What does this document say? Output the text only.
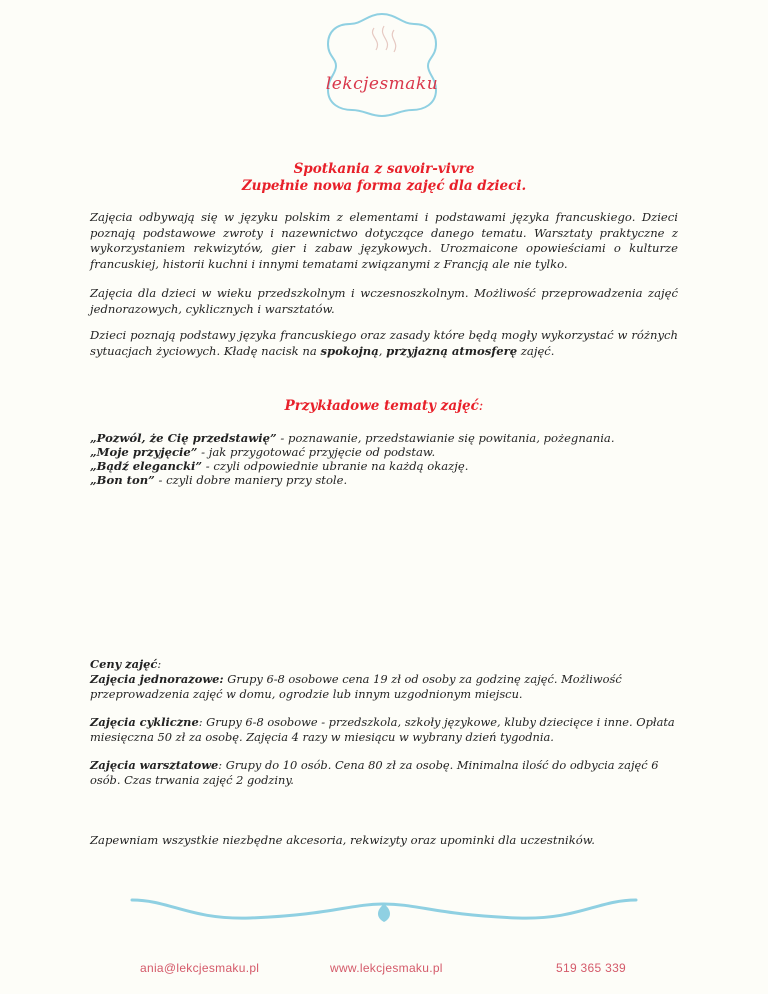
lekcjesmaku
Spotkania z savoir-vivre
Zupełnie nowa forma zajęć dla dzieci.
Zajęcia odbywają się w języku polskim z elementami i podstawami języka francuskiego. Dzieci poznają podstawowe zwroty i nazewnictwo dotyczące danego tematu. Warsztaty praktyczne z wykorzystaniem rekwizytów, gier i zabaw językowych. Urozmaicone opowieściami o kulturze francuskiej, historii kuchni i innymi tematami związanymi z Francją ale nie tylko.
Zajęcia dla dzieci w wieku przedszkolnym i wczesnoszkolnym. Możliwość przeprowadzenia zajęć jednorazowych, cyklicznych i warsztatów.
Dzieci poznają podstawy języka francuskiego oraz zasady które będą mogły wykorzystać w różnych sytuacjach życiowych. Kładę nacisk na spokojną, przyjazną atmosferę zajęć.
Przykładowe tematy zajęć:
„Pozwól, że Cię przedstawię” - poznawanie, przedstawianie się powitania, pożegnania.
„Moje przyjęcie” - jak przygotować przyjęcie od podstaw.
„Bądź elegancki” - czyli odpowiednie ubranie na każdą okazję.
„Bon ton” - czyli dobre maniery przy stole.

Ceny zajęć:

Zajęcia jednorazowe: Grupy 6-8 osobowe cena 19 zł od osoby za godzinę zajęć. Możliwość przeprowadzenia zajęć w domu, ogrodzie lub innym uzgodnionym miejscu.

Zajęcia cykliczne: Grupy 6-8 osobowe - przedszkola, szkoły językowe, kluby dziecięce i inne. Opłata miesięczna 50 zł za osobę. Zajęcia 4 razy w miesiącu w wybrany dzień tygodnia.

Zajęcia warsztatowe: Grupy do 10 osób. Cena 80 zł za osobę. Minimalna ilość do odbycia zajęć 6 osób. Czas trwania zajęć 2 godziny.

Zapewniam wszystkie niezbędne akcesoria, rekwizyty oraz upominki dla uczestników.
ania@lekcjesmaku.pl	www.lekcjesmaku.pl	519 365 339
